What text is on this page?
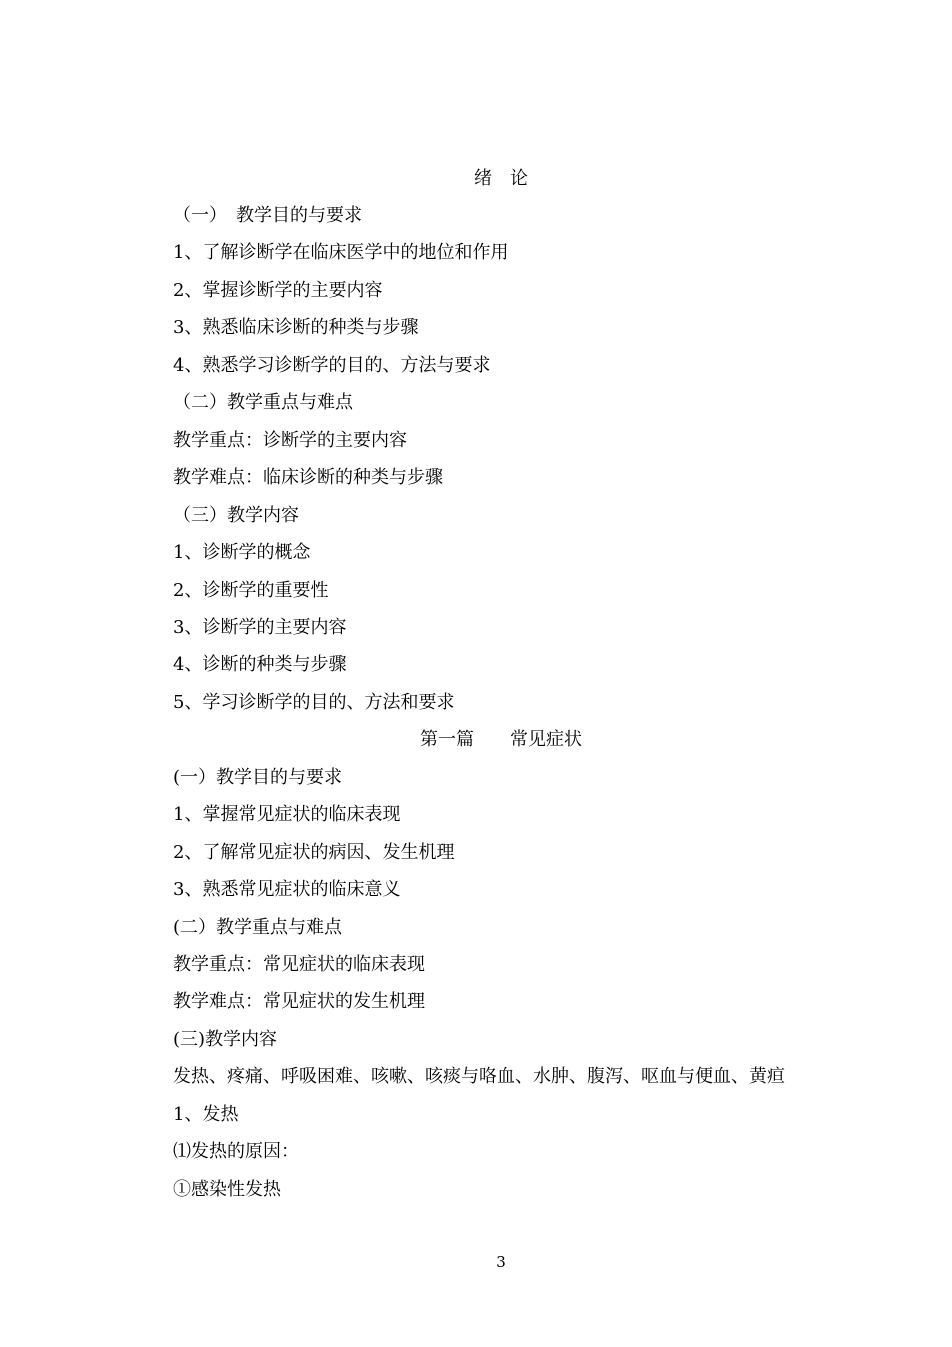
绪　论
（一）　教学目的与要求
1、了解诊断学在临床医学中的地位和作用
2、掌握诊断学的主要内容
3、熟悉临床诊断的种类与步骤
4、熟悉学习诊断学的目的、方法与要求
（二）教学重点与难点
教学重点：诊断学的主要内容
教学难点：临床诊断的种类与步骤
（三）教学内容
1、诊断学的概念
2、诊断学的重要性
3、诊断学的主要内容
4、诊断的种类与步骤
5、学习诊断学的目的、方法和要求
第一篇　　常见症状
(一）教学目的与要求
1、掌握常见症状的临床表现
2、了解常见症状的病因、发生机理
3、熟悉常见症状的临床意义
(二）教学重点与难点
教学重点：常见症状的临床表现
教学难点：常见症状的发生机理
(三)教学内容
发热、疼痛、呼吸困难、咳嗽、咳痰与咯血、水肿、腹泻、呕血与便血、黄疸
1、发热
⑴发热的原因：
①感染性发热
3
